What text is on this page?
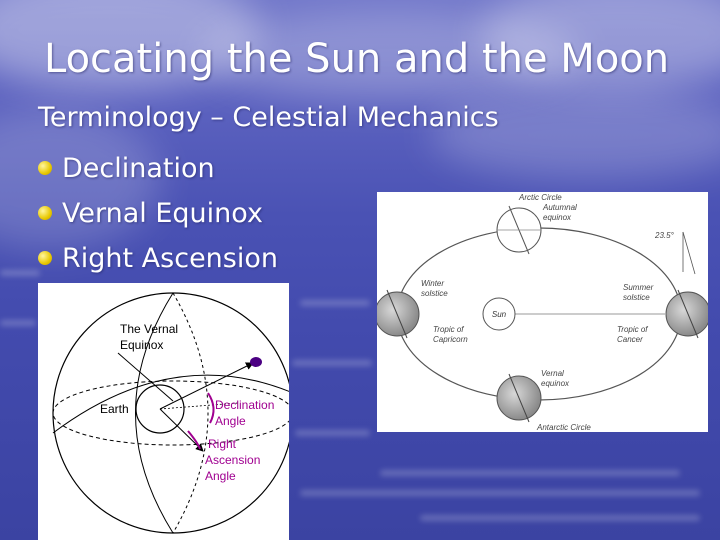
Locating the Sun and the Moon
Terminology – Celestial Mechanics
Declination
Vernal Equinox
Right Ascension
The Vernal
Equinox
Earth	Declination
Angle
Right
Ascension
Angle
Arctic Circle
Autumnal
equinox
23.5°
Winter
solstice
Summer
solstice
Sun
Tropic of
Capricorn
Tropic of
Cancer
Vernal
equinox
Antarctic Circle
